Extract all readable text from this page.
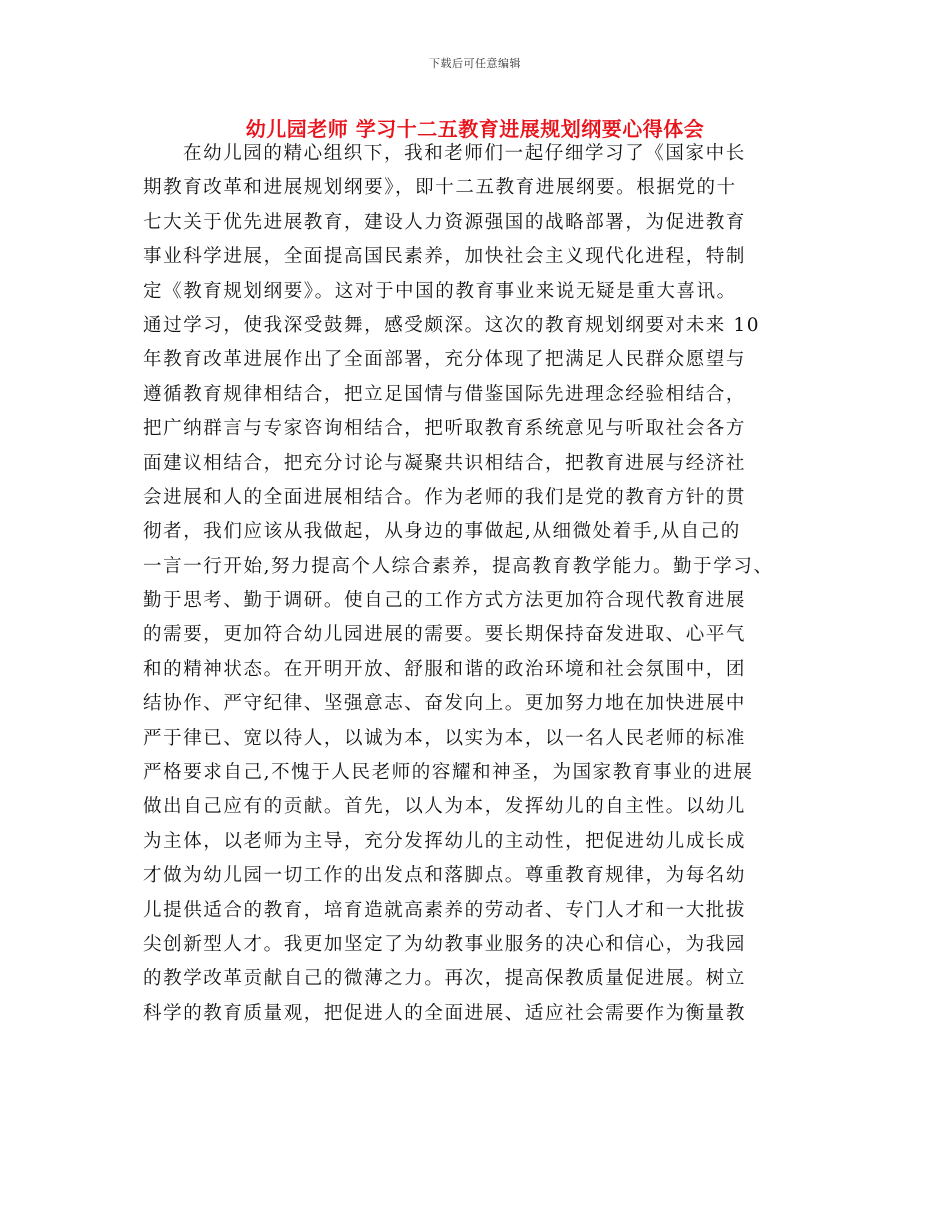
下载后可任意编辑
幼儿园老师 学习十二五教育进展规划纲要心得体会
在幼儿园的精心组织下，我和老师们一起仔细学习了《国家中长
期教育改革和进展规划纲要》，即十二五教育进展纲要。根据党的十
七大关于优先进展教育，建设人力资源强国的战略部署，为促进教育
事业科学进展，全面提高国民素养，加快社会主义现代化进程，特制
定《教育规划纲要》。这对于中国的教育事业来说无疑是重大喜讯。
通过学习，使我深受鼓舞，感受颇深。这次的教育规划纲要对未来 10
年教育改革进展作出了全面部署，充分体现了把满足人民群众愿望与
遵循教育规律相结合，把立足国情与借鉴国际先进理念经验相结合，
把广纳群言与专家咨询相结合，把听取教育系统意见与听取社会各方
面建议相结合，把充分讨论与凝聚共识相结合，把教育进展与经济社
会进展和人的全面进展相结合。作为老师的我们是党的教育方针的贯
彻者，我们应该从我做起，从身边的事做起,从细微处着手,从自己的
一言一行开始,努力提高个人综合素养，提高教育教学能力。勤于学习、
勤于思考、勤于调研。使自己的工作方式方法更加符合现代教育进展
的需要，更加符合幼儿园进展的需要。要长期保持奋发进取、心平气
和的精神状态。在开明开放、舒服和谐的政治环境和社会氛围中，团
结协作、严守纪律、坚强意志、奋发向上。更加努力地在加快进展中
严于律已、宽以待人，以诚为本，以实为本，以一名人民老师的标准
严格要求自己,不愧于人民老师的容耀和神圣，为国家教育事业的进展
做出自己应有的贡献。首先，以人为本，发挥幼儿的自主性。以幼儿
为主体，以老师为主导，充分发挥幼儿的主动性，把促进幼儿成长成
才做为幼儿园一切工作的出发点和落脚点。尊重教育规律，为每名幼
儿提供适合的教育，培育造就高素养的劳动者、专门人才和一大批拔
尖创新型人才。我更加坚定了为幼教事业服务的决心和信心，为我园
的教学改革贡献自己的微薄之力。再次，提高保教质量促进展。树立
科学的教育质量观，把促进人的全面进展、适应社会需要作为衡量教
